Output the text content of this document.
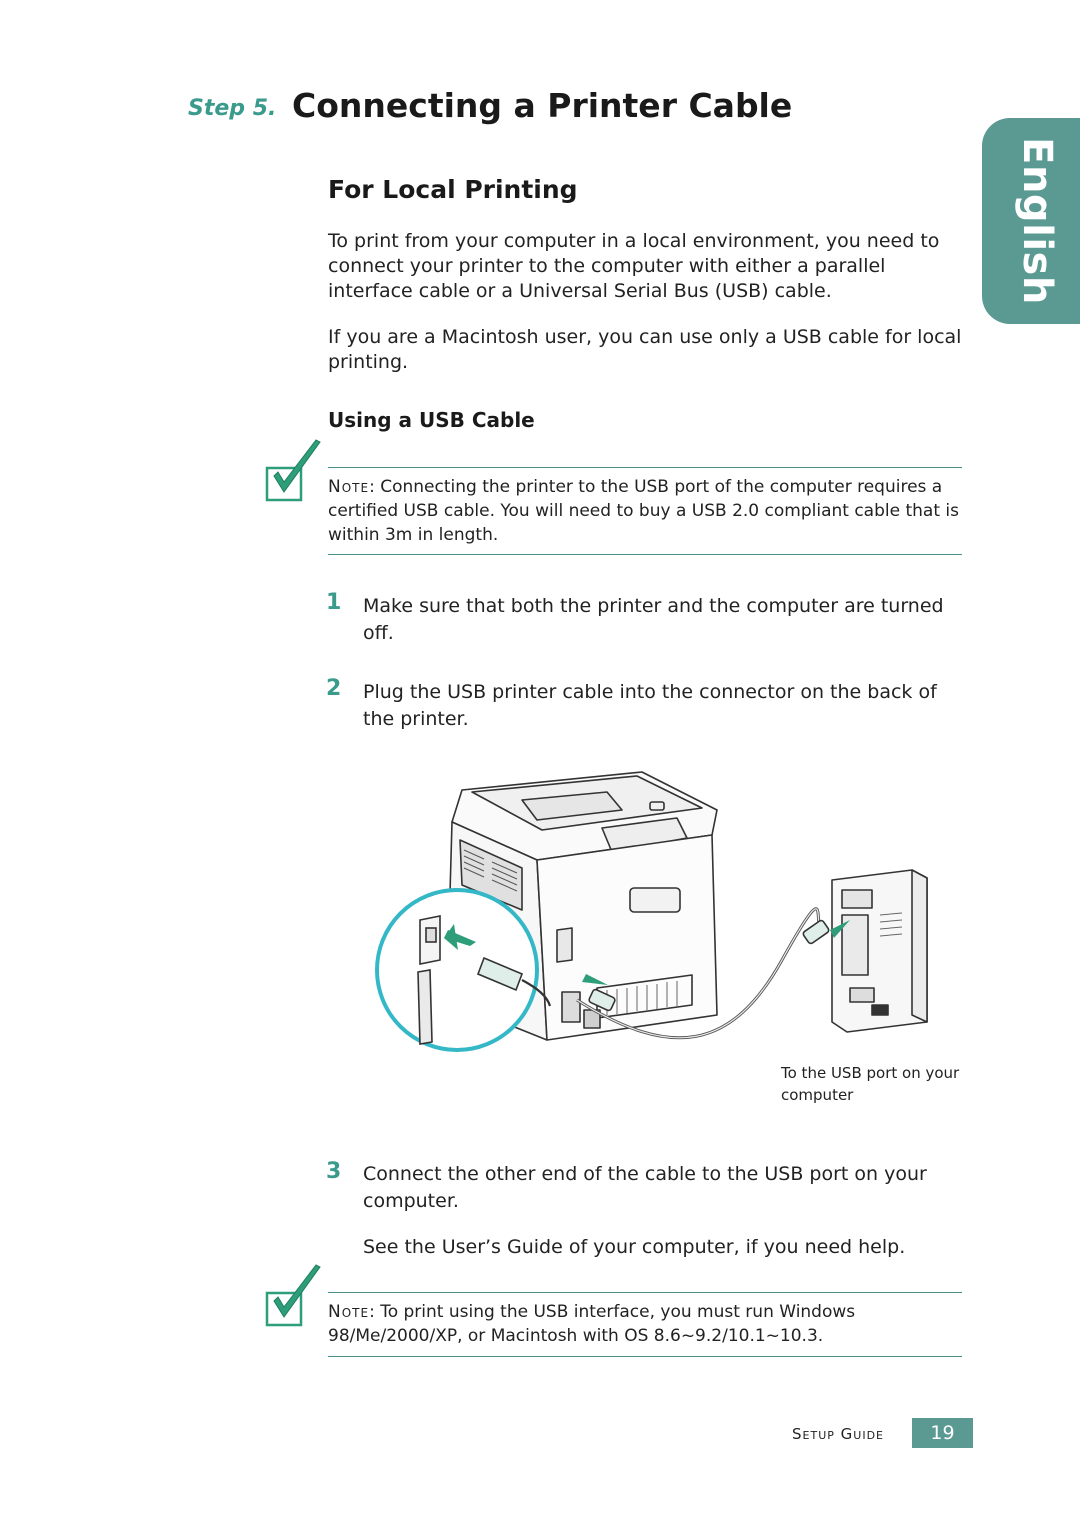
Step 5. Connecting a Printer Cable
English
For Local Printing
To print from your computer in a local environment, you need to connect your printer to the computer with either a parallel interface cable or a Universal Serial Bus (USB) cable.
If you are a Macintosh user, you can use only a USB cable for local printing.
Using a USB Cable
Note: Connecting the printer to the USB port of the computer requires a certified USB cable. You will need to buy a USB 2.0 compliant cable that is within 3m in length.
1 Make sure that both the printer and the computer are turned off.
2 Plug the USB printer cable into the connector on the back of the printer.
To the USB port on your computer
3 Connect the other end of the cable to the USB port on your computer.
See the User’s Guide of your computer, if you need help.
Note: To print using the USB interface, you must run Windows 98/Me/2000/XP, or Macintosh with OS 8.6~9.2/10.1~10.3.
Setup Guide	19
